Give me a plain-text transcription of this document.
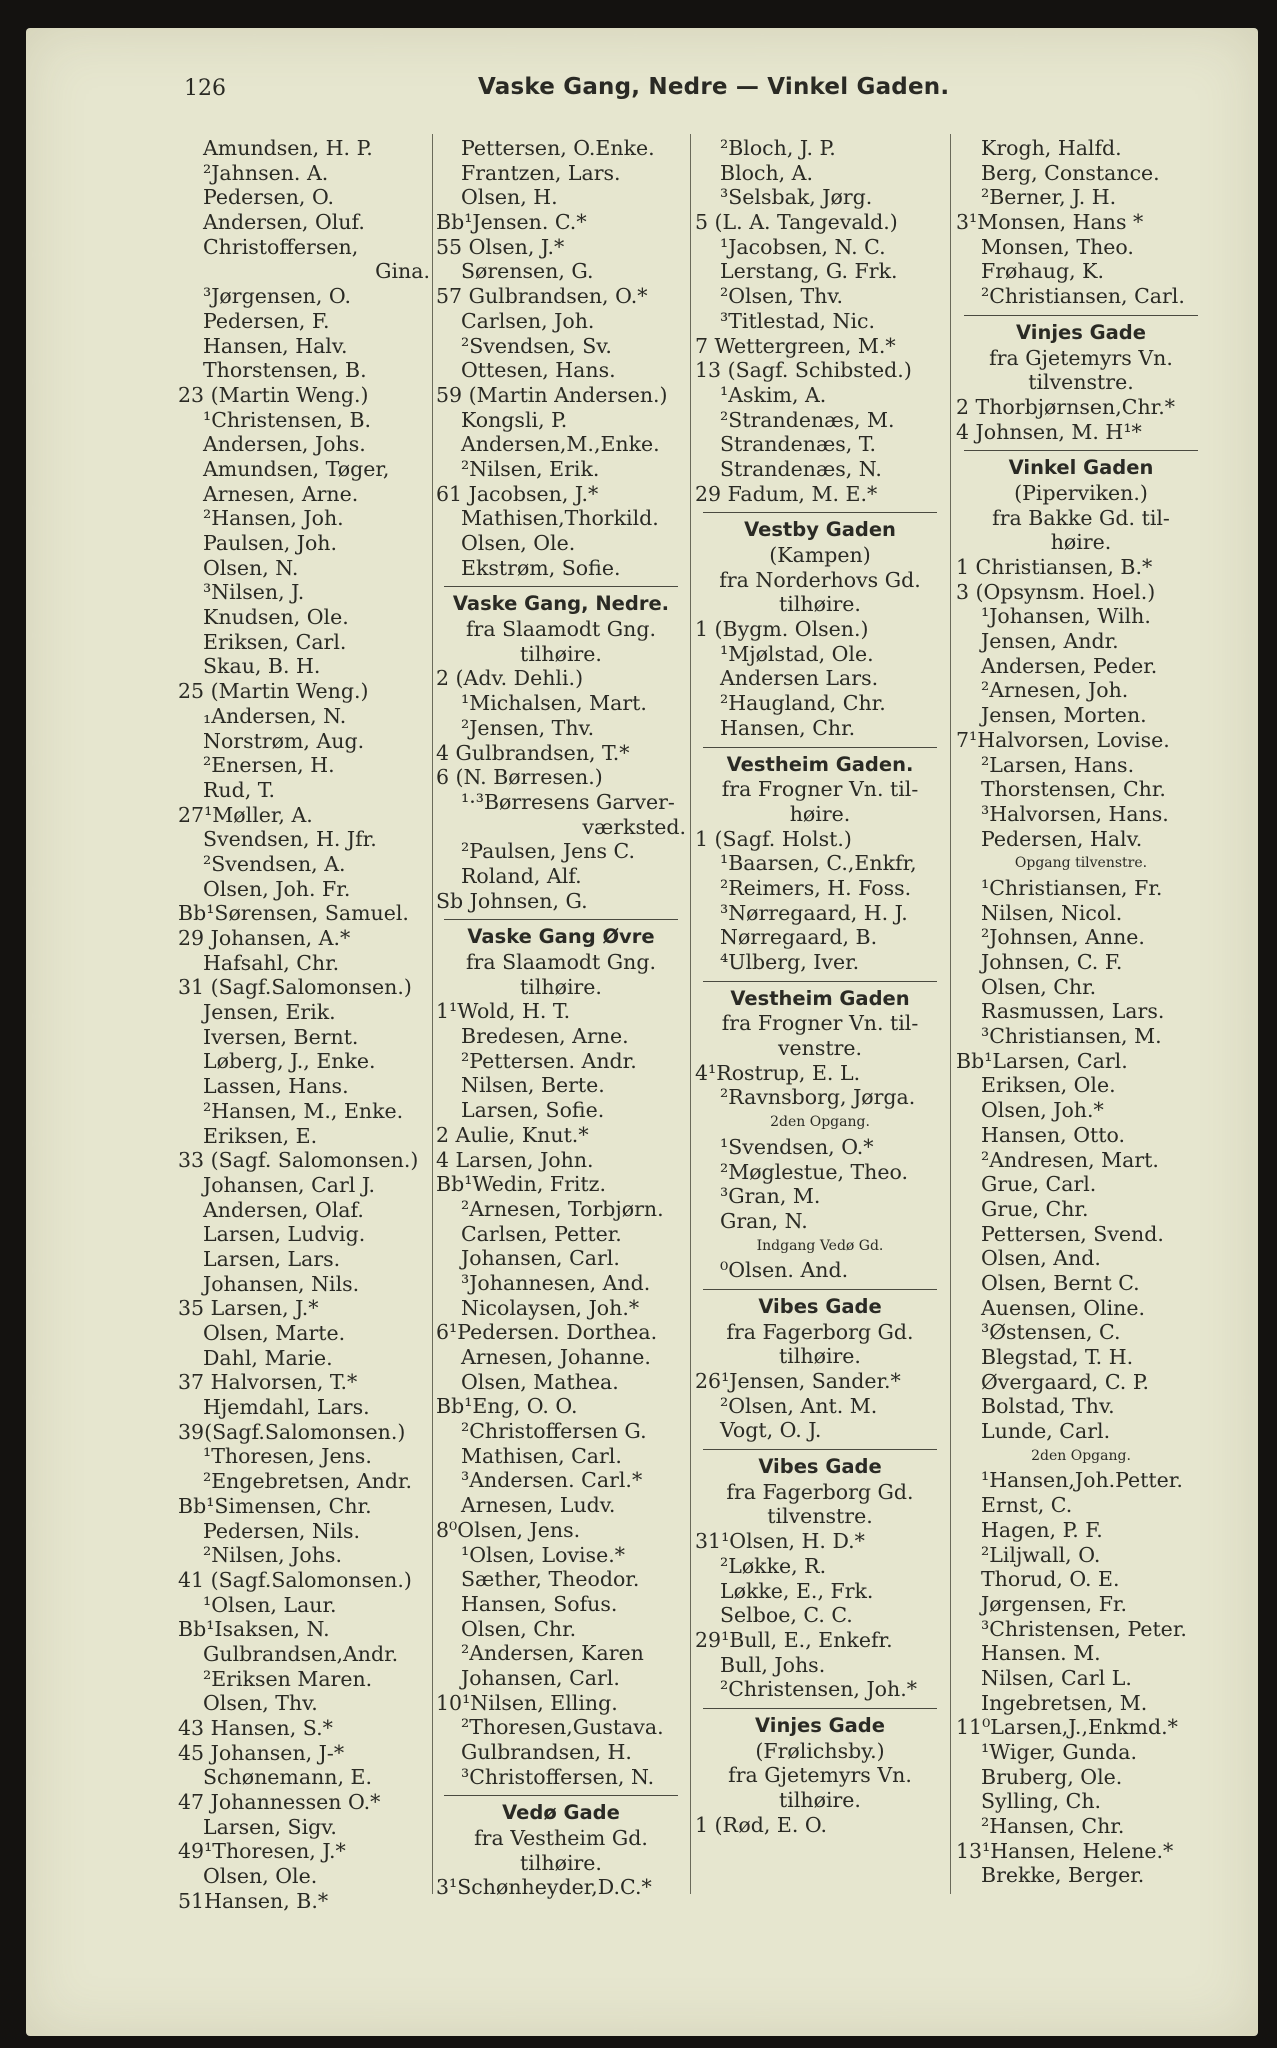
126	Vaske Gang, Nedre — Vinkel Gaden.
Amundsen, H. P.
²Jahnsen. A.
Pedersen, O.
Andersen, Oluf.
Christoffersen,
Gina.
³Jørgensen, O.
Pedersen, F.
Hansen, Halv.
Thorstensen, B.
23 (Martin Weng.)
¹Christensen, B.
Andersen, Johs.
Amundsen, Tøger,
Arnesen, Arne.
²Hansen, Joh.
Paulsen, Joh.
Olsen, N.
³Nilsen, J.
Knudsen, Ole.
Eriksen, Carl.
Skau, B. H.
25 (Martin Weng.)
₁Andersen, N.
Norstrøm, Aug.
²Enersen, H.
Rud, T.
27¹Møller, A.
Svendsen, H. Jfr.
²Svendsen, A.
Olsen, Joh. Fr.
Bb¹Sørensen, Samuel.
29 Johansen, A.*
Hafsahl, Chr.
31 (Sagf.Salomonsen.)
Jensen, Erik.
Iversen, Bernt.
Løberg, J., Enke.
Lassen, Hans.
²Hansen, M., Enke.
Eriksen, E.
33 (Sagf. Salomonsen.)
Johansen, Carl J.
Andersen, Olaf.
Larsen, Ludvig.
Larsen, Lars.
Johansen, Nils.
35 Larsen, J.*
Olsen, Marte.
Dahl, Marie.
37 Halvorsen, T.*
Hjemdahl, Lars.
39(Sagf.Salomonsen.)
¹Thoresen, Jens.
²Engebretsen, Andr.
Bb¹Simensen, Chr.
Pedersen, Nils.
²Nilsen, Johs.
41 (Sagf.Salomonsen.)
¹Olsen, Laur.
Bb¹Isaksen, N.
Gulbrandsen,Andr.
²Eriksen Maren.
Olsen, Thv.
43 Hansen, S.*
45 Johansen, J-*
Schønemann, E.
47 Johannessen O.*
Larsen, Sigv.
49¹Thoresen, J.*
Olsen, Ole.
51Hansen, B.*
Pettersen, O.Enke.
Frantzen, Lars.
Olsen, H.
Bb¹Jensen. C.*
55 Olsen, J.*
Sørensen, G.
57 Gulbrandsen, O.*
Carlsen, Joh.
²Svendsen, Sv.
Ottesen, Hans.
59 (Martin Andersen.)
Kongsli, P.
Andersen,M.,Enke.
²Nilsen, Erik.
61 Jacobsen, J.*
Mathisen,Thorkild.
Olsen, Ole.
Ekstrøm, Sofie.
Vaske Gang, Nedre.
fra Slaamodt Gng.
tilhøire.
2 (Adv. Dehli.)
¹Michalsen, Mart.
²Jensen, Thv.
4 Gulbrandsen, T.*
6 (N. Børresen.)
¹·³Børresens Garver-
værksted.
²Paulsen, Jens C.
Roland, Alf.
Sb Johnsen, G.
Vaske Gang Øvre
fra Slaamodt Gng.
tilhøire.
1¹Wold, H. T.
Bredesen, Arne.
²Pettersen. Andr.
Nilsen, Berte.
Larsen, Sofie.
2 Aulie, Knut.*
4 Larsen, John.
Bb¹Wedin, Fritz.
²Arnesen, Torbjørn.
Carlsen, Petter.
Johansen, Carl.
³Johannesen, And.
Nicolaysen, Joh.*
6¹Pedersen. Dorthea.
Arnesen, Johanne.
Olsen, Mathea.
Bb¹Eng, O. O.
²Christoffersen G.
Mathisen, Carl.
³Andersen. Carl.*
Arnesen, Ludv.
8⁰Olsen, Jens.
¹Olsen, Lovise.*
Sæther, Theodor.
Hansen, Sofus.
Olsen, Chr.
²Andersen, Karen
Johansen, Carl.
10¹Nilsen, Elling.
²Thoresen,Gustava.
Gulbrandsen, H.
³Christoffersen, N.
Vedø Gade
fra Vestheim Gd.
tilhøire.
3¹Schønheyder,D.C.*
²Bloch, J. P.
Bloch, A.
³Selsbak, Jørg.
5 (L. A. Tangevald.)
¹Jacobsen, N. C.
Lerstang, G. Frk.
²Olsen, Thv.
³Titlestad, Nic.
7 Wettergreen, M.*
13 (Sagf. Schibsted.)
¹Askim, A.
²Strandenæs, M.
Strandenæs, T.
Strandenæs, N.
29 Fadum, M. E.*
Vestby Gaden
(Kampen)
fra Norderhovs Gd.
tilhøire.
1 (Bygm. Olsen.)
¹Mjølstad, Ole.
Andersen Lars.
²Haugland, Chr.
Hansen, Chr.
Vestheim Gaden.
fra Frogner Vn. til-
høire.
1 (Sagf. Holst.)
¹Baarsen, C.,Enkfr,
²Reimers, H. Foss.
³Nørregaard, H. J.
Nørregaard, B.
⁴Ulberg, Iver.
Vestheim Gaden
fra Frogner Vn. til-
venstre.
4¹Rostrup, E. L.
²Ravnsborg, Jørga.
2den Opgang.
¹Svendsen, O.*
²Møglestue, Theo.
³Gran, M.
Gran, N.
Indgang Vedø Gd.
⁰Olsen. And.
Vibes Gade
fra Fagerborg Gd.
tilhøire.
26¹Jensen, Sander.*
²Olsen, Ant. M.
Vogt, O. J.
Vibes Gade
fra Fagerborg Gd.
tilvenstre.
31¹Olsen, H. D.*
²Løkke, R.
Løkke, E., Frk.
Selboe, C. C.
29¹Bull, E., Enkefr.
Bull, Johs.
²Christensen, Joh.*
Vinjes Gade
(Frølichsby.)
fra Gjetemyrs Vn.
tilhøire.
1 (Rød, E. O.
Krogh, Halfd.
Berg, Constance.
²Berner, J. H.
3¹Monsen, Hans *
Monsen, Theo.
Frøhaug, K.
²Christiansen, Carl.
Vinjes Gade
fra Gjetemyrs Vn.
tilvenstre.
2 Thorbjørnsen,Chr.*
4 Johnsen, M. H¹*
Vinkel Gaden
(Piperviken.)
fra Bakke Gd. til-
høire.
1 Christiansen, B.*
3 (Opsynsm. Hoel.)
¹Johansen, Wilh.
Jensen, Andr.
Andersen, Peder.
²Arnesen, Joh.
Jensen, Morten.
7¹Halvorsen, Lovise.
²Larsen, Hans.
Thorstensen, Chr.
³Halvorsen, Hans.
Pedersen, Halv.
Opgang tilvenstre.
¹Christiansen, Fr.
Nilsen, Nicol.
²Johnsen, Anne.
Johnsen, C. F.
Olsen, Chr.
Rasmussen, Lars.
³Christiansen, M.
Bb¹Larsen, Carl.
Eriksen, Ole.
Olsen, Joh.*
Hansen, Otto.
²Andresen, Mart.
Grue, Carl.
Grue, Chr.
Pettersen, Svend.
Olsen, And.
Olsen, Bernt C.
Auensen, Oline.
³Østensen, C.
Blegstad, T. H.
Øvergaard, C. P.
Bolstad, Thv.
Lunde, Carl.
2den Opgang.
¹Hansen,Joh.Petter.
Ernst, C.
Hagen, P. F.
²Liljwall, O.
Thorud, O. E.
Jørgensen, Fr.
³Christensen, Peter.
Hansen. M.
Nilsen, Carl L.
Ingebretsen, M.
11⁰Larsen,J.,Enkmd.*
¹Wiger, Gunda.
Bruberg, Ole.
Sylling, Ch.
²Hansen, Chr.
13¹Hansen, Helene.*
Brekke, Berger.
